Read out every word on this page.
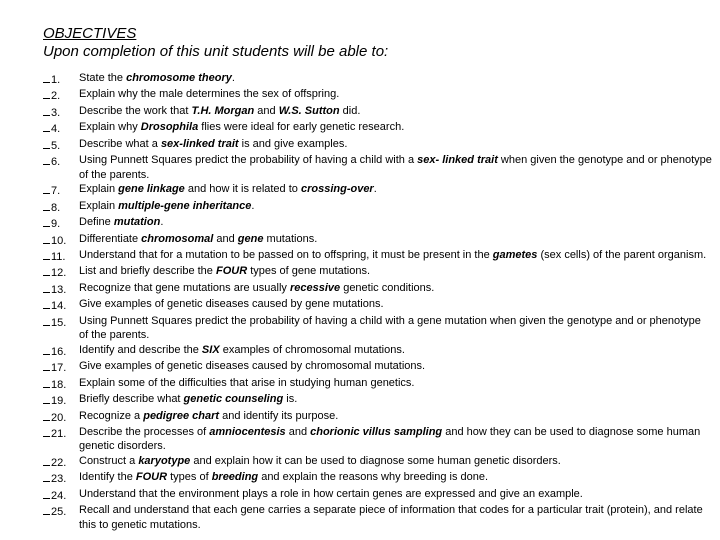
OBJECTIVES
Upon completion of this unit students will be able to:
1.	State the chromosome theory.
2.	Explain why the male determines the sex of offspring.
3.	Describe the work that T.H. Morgan and W.S. Sutton did.
4.	Explain why Drosophila flies were ideal for early genetic research.
5.	Describe what a sex-linked trait is and give examples.
6.	Using Punnett Squares predict the probability of having a child with a sex- linked trait when given the genotype and or phenotype of the parents.
7.	Explain gene linkage and how it is related to crossing-over.
8.	Explain multiple-gene inheritance.
9.	Define mutation.
10.	Differentiate chromosomal and gene mutations.
11.	Understand that for a mutation to be passed on to offspring, it must be present in the gametes (sex cells) of the parent organism.
12.	List and briefly describe the FOUR types of gene mutations.
13.	Recognize that gene mutations are usually recessive genetic conditions.
14.	Give examples of genetic diseases caused by gene mutations.
15.	Using Punnett Squares predict the probability of having a child with a gene mutation when given the genotype and or phenotype of the parents.
16.	Identify and describe the SIX examples of chromosomal mutations.
17.	Give examples of genetic diseases caused by chromosomal mutations.
18.	Explain some of the difficulties that arise in studying human genetics.
19.	Briefly describe what genetic counseling is.
20.	Recognize a pedigree chart and identify its purpose.
21.	Describe the processes of amniocentesis and chorionic villus sampling and how they can be used to diagnose some human genetic disorders.
22.	Construct a karyotype and explain how it can be used to diagnose some human genetic disorders.
23.	Identify the FOUR types of breeding and explain the reasons why breeding is done.
24.	Understand that the environment plays a role in how certain genes are expressed and give an example.
25.	Recall and understand that each gene carries a separate piece of information that codes for a particular trait (protein), and relate this to genetic mutations.
